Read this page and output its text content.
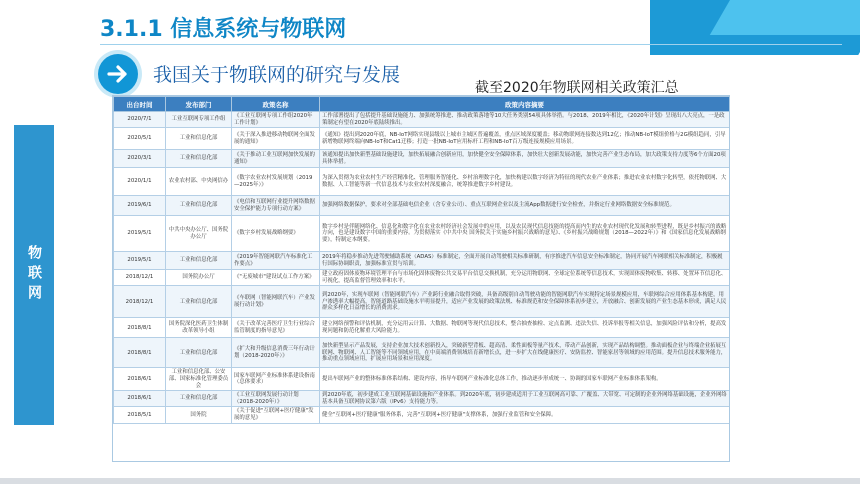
3.1.1 信息系统与物联网
我国关于物联网的研究与发展
截至2020年物联网相关政策汇总
物联网
出台时间	发布部门	政策名称	政策内容摘要
2020/7/1	工业互联网专项工作组	《工业互联网专项工作组2020年工作计划》	工作部署提出了包括提升基础设施能力、加强统筹推进、推动政策落地等10大任务类别54项具体举措。与2018、2019年相比，《2020年计划》呈现出八大亮点，一是政策制定有望在2020年底陆续推出。
2020/5/1	工业和信息化部	《关于深入推进移动物联网全面发展的通知》	《通知》提出到2020年底，NB-IoT网络实现县级以上城市主城区普遍覆盖，重点区域深度覆盖；移动物联网连接数达到12亿；推动NB-IoT模组价格与2G模组趋同，引导新增物联网终端向NB-IoT和Cat1迁移；打造一批NB-IoT应用标杆工程和NB-IoT百万级连接规模应用场景。
2020/3/1	工业和信息化部	《关于推动工业互联网加快发展的通知》	该通知提出加快新型基础设施建设，加快拓展融合创新应用，加快健全安全保障体系，加快壮大创新发展动能，加快完善产业生态布局，加大政策支持力度等6个方面20项具体举措。
2020/1/1	农业农村部、中央网信办	《数字农业农村发展规划（2019—2025年）》	为深入贯彻为农业农村生产经营精准化、管理服务智能化、乡村治理数字化，加快构建以数字经济为特征的现代农业产业体系；推进农业农村数字化转型，依托物联网、大数据、人工智能等新一代信息技术与农业农村深度融合，统筹推进数字乡村建设。
2019/6/1	工业和信息化部	《电信和互联网行业提升网络数据安全保护能力专项行动方案》	加强网络数据保护，要求对全部基础电信企业（含专业公司）、重点互联网企业以及主流App数据进行安全检查，并指定行业网络数据安全标准规范。
2019/5/1	中共中央办公厅、国务院办公厅	《数字乡村发展战略纲要》	数字乡村是伴随网络化、信息化和数字化在农业农村经济社会发展中的应用，以及农民现代信息技能的提高而内生的农业农村现代化发展和转型进程，既是乡村振兴的战略方向，也是建设数字中国的重要内容。为贯彻落实《中共中央 国务院关于实施乡村振兴战略的意见》、《乡村振兴战略规划（2018—2022年）》和《国家信息化发展战略纲要》，特制定本纲要。
2019/5/1	工业和信息化部	《2019年智能网联汽车标准化工作要点》	2019年将稳步推动先进驾驶辅助系统（ADAS）标准制定，全面开展自动驾驶相关标准研制，有序推进汽车信息安全标准制定，协同开展汽车网联相关标准制定，积极履行国际协调职责，加强标准宣贯与培训。
2018/12/1	国务院办公厅	《"无废城市"建设试点工作方案》	建立政府固体废物环境管理平台与市场化固体废物公共交易平台信息交换机制，充分运用物联网、全球定位系统等信息技术，实现固体废物收集、转移、处置环节信息化、可视化，提高监督管理效率和水平。
2018/12/1	工业和信息化部	《车联网（智能网联汽车）产业发展行动计划》	到2020年，实现车联网（智能网联汽车）产业跨行业融合取得突破，具备高级别自动驾驶功能的智能网联汽车实现特定场景规模应用，车联网综合应用体系基本构建，用户渗透率大幅提高，智能道路基础设施水平明显提升，适应产业发展的政策法规、标准规范和安全保障体系初步建立，开放融合、创新发展的产业生态基本形成，满足人民群众多样化日益增长的消费需求。
2018/8/1	国务院深化医药卫生体制改革领导小组	《关于改革完善医疗卫生行业综合监管制度的指导意见》	建立网络预警和评估机制，充分运用云计算、大数据、物联网等现代信息技术，整合抽查抽检、定点监测、违法失信、投诉举报等相关信息，加强风险评估和分析，提高发现问题和防范化解重大风险能力。
2018/8/1	工业和信息化部	《扩大和升级信息消费三年行动计划（2018-2020年）》	加快新型显示产品发展，支持企业加大技术创新投入，突破新型背板、超高清、柔性面板等量产技术，带动产品创新，实现产品结构调整。推动面板企业与终端企业拓展互联网、物联网、人工智能等不同领域应用，在中高端消费领域培育新增长点，进一步扩大在线健康医疗、安防监控、智能家居等领域的应用范围。提升信息技术服务能力，推动重点领域应用，扩展应用场景和应用深度。
2018/6/1	工业和信息化部、公安部、国家标准化管理委员会	国家车联网产业标准体系建设指南（总体要求）	提出车联网产业的整体标准体系结构、建设内容，指导车联网产业标准化总体工作，推动逐步形成统一、协调的国家车联网产业标准体系架构。
2018/6/1	工业和信息化部	《工业互联网发展行动计划（2018-2020年）》	到2020年底，初步建成工业互联网基础设施和产业体系。到2020年底，初步建成适用于工业互联网高可靠、广覆盖、大带宽、可定制的企业外网络基础设施，企业外网络基本具备互联网协议第六版（IPv6）支持能力等。
2018/5/1	国务院	《关于促进"互联网+医疗健康"发展的意见》	健全"互联网+医疗健康"服务体系，完善"互联网+医疗健康"支撑体系，加强行业监管和安全保障。
